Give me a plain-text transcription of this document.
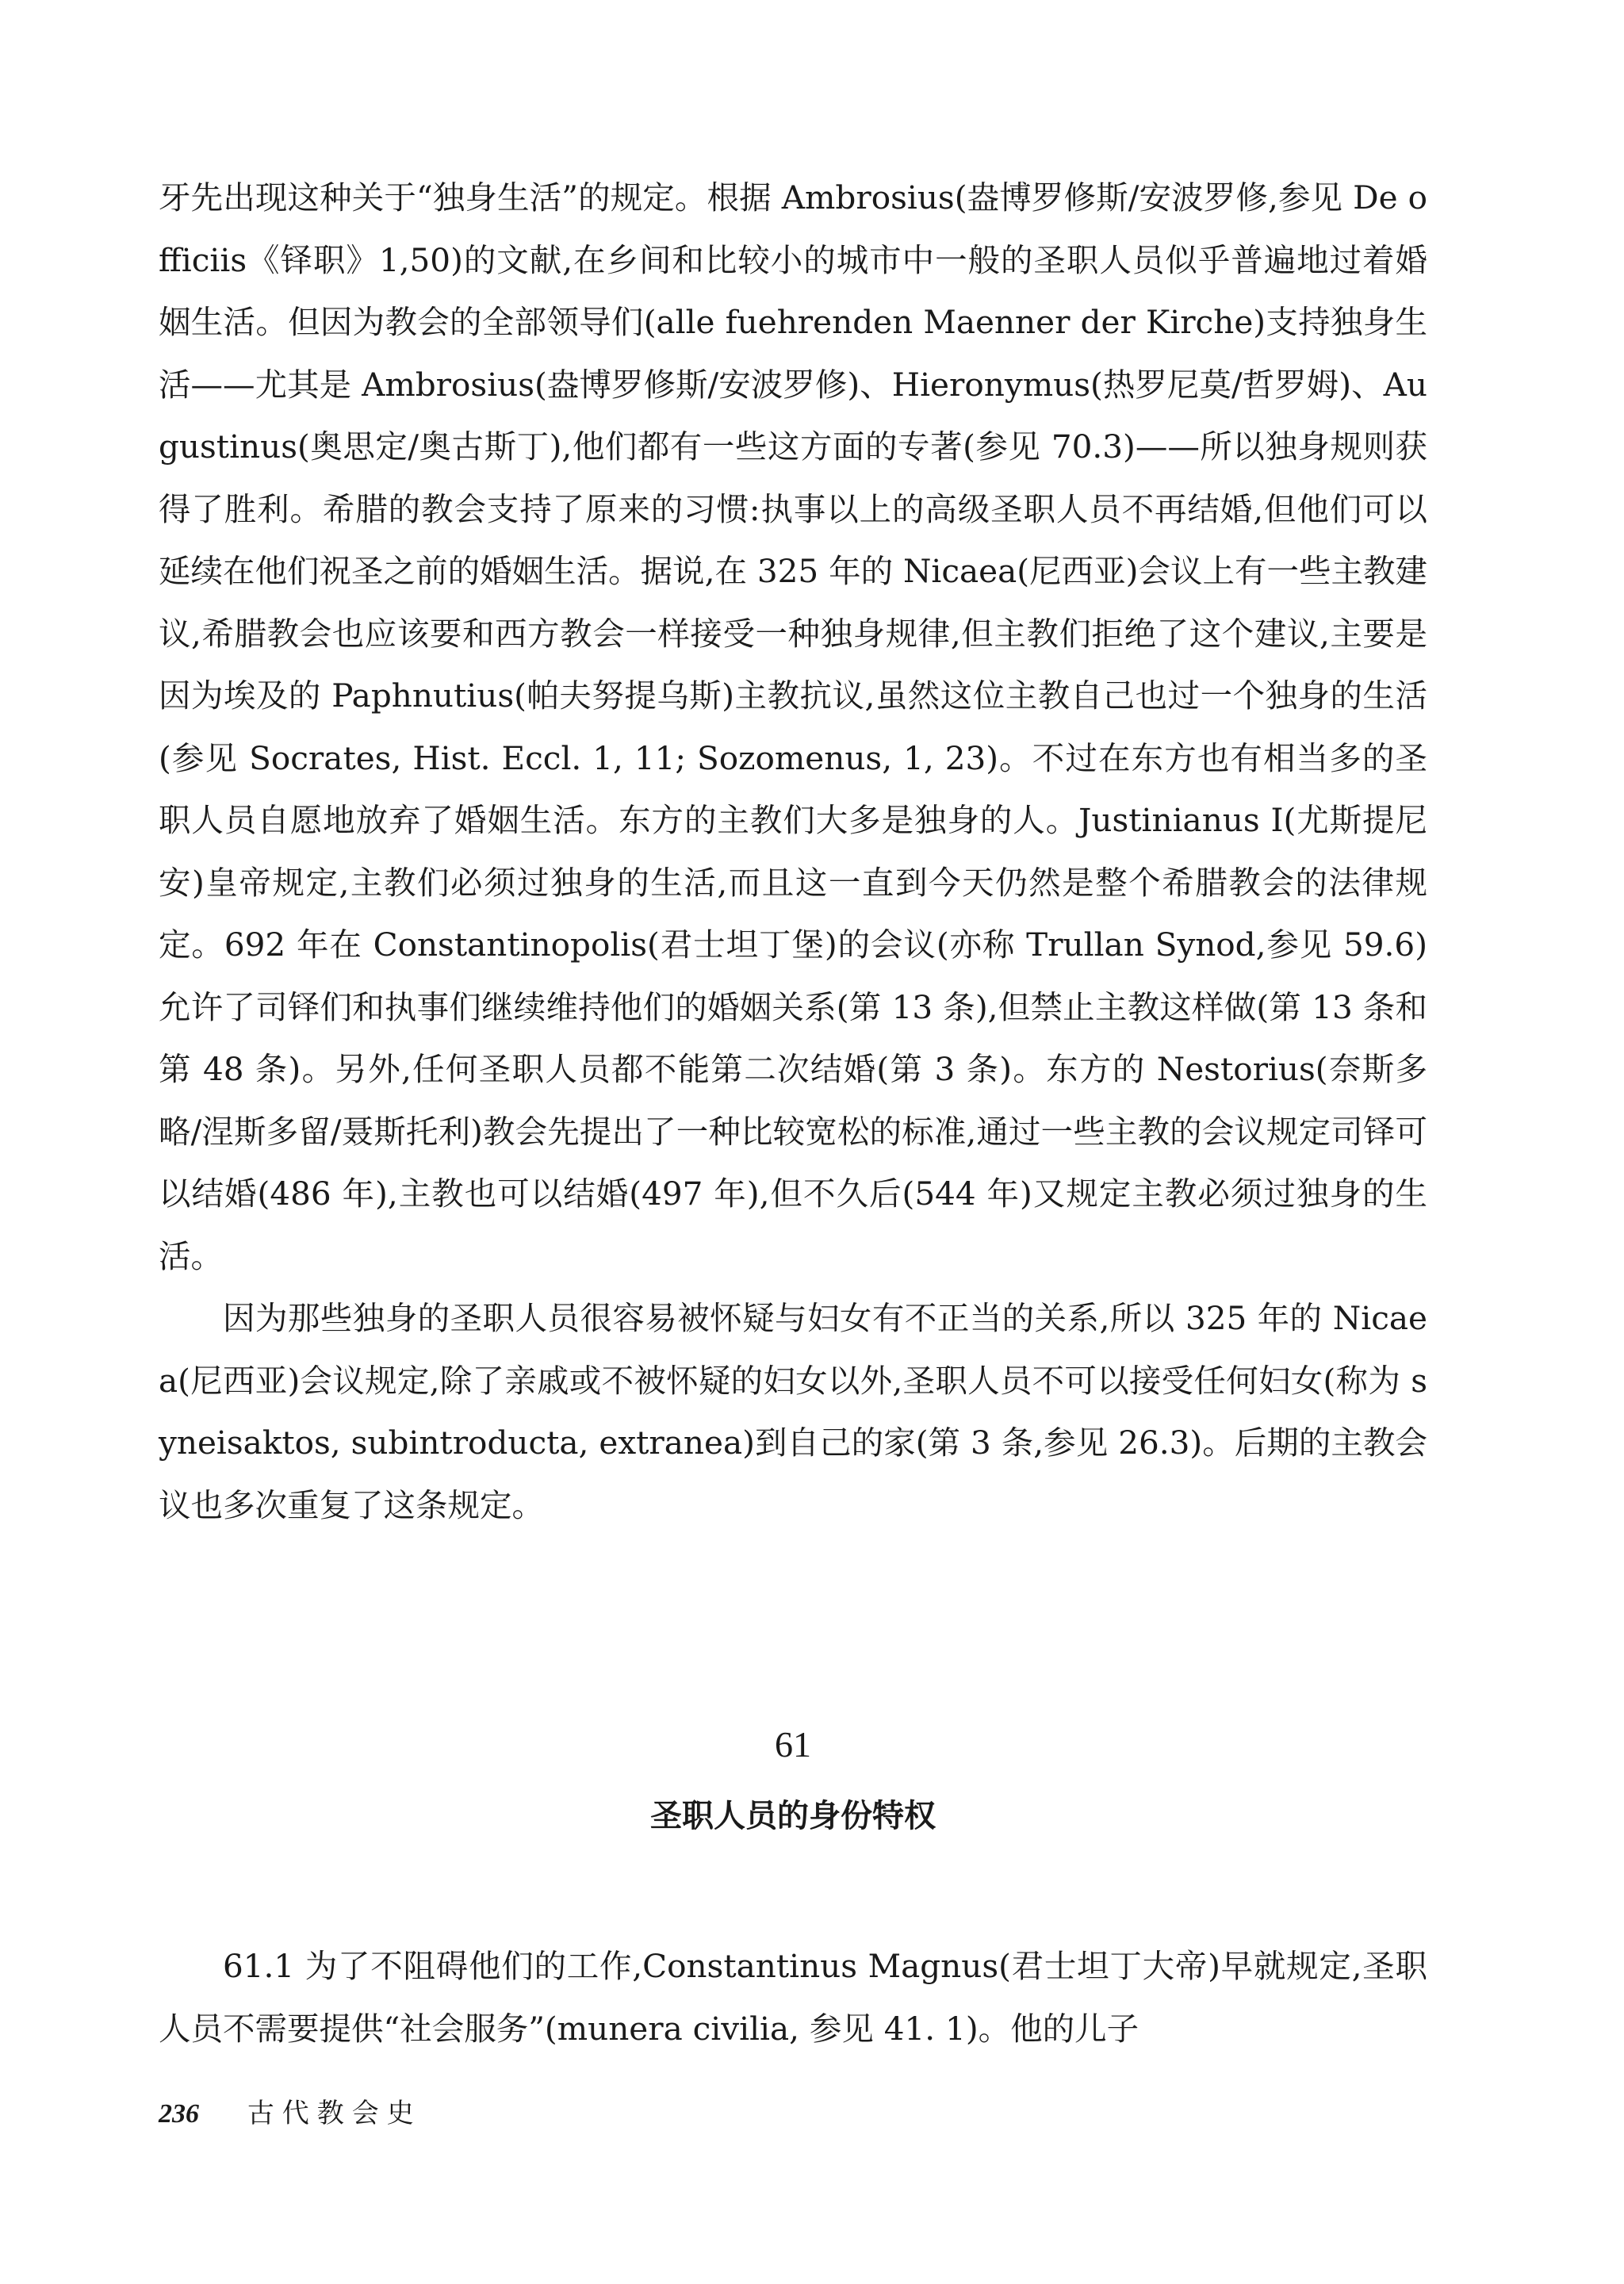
牙先出现这种关于“独身生活”的规定。根据 Ambrosius(盎博罗修斯/安波罗修,参见 De officiis《铎职》1,50)的文献,在乡间和比较小的城市中一般的圣职人员似乎普遍地过着婚姻生活。但因为教会的全部领导们(alle fuehrenden Maenner der Kirche)支持独身生活——尤其是 Ambrosius(盎博罗修斯/安波罗修)、Hieronymus(热罗尼莫/哲罗姆)、Augustinus(奥思定/奥古斯丁),他们都有一些这方面的专著(参见 70.3)——所以独身规则获得了胜利。希腊的教会支持了原来的习惯:执事以上的高级圣职人员不再结婚,但他们可以延续在他们祝圣之前的婚姻生活。据说,在 325 年的 Nicaea(尼西亚)会议上有一些主教建议,希腊教会也应该要和西方教会一样接受一种独身规律,但主教们拒绝了这个建议,主要是因为埃及的 Paphnutius(帕夫努提乌斯)主教抗议,虽然这位主教自己也过一个独身的生活(参见 Socrates, Hist. Eccl. 1, 11; Sozomenus, 1, 23)。不过在东方也有相当多的圣职人员自愿地放弃了婚姻生活。东方的主教们大多是独身的人。Justinianus I(尤斯提尼安)皇帝规定,主教们必须过独身的生活,而且这一直到今天仍然是整个希腊教会的法律规定。692 年在 Constantinopolis(君士坦丁堡)的会议(亦称 Trullan Synod,参见 59.6)允许了司铎们和执事们继续维持他们的婚姻关系(第 13 条),但禁止主教这样做(第 13 条和第 48 条)。另外,任何圣职人员都不能第二次结婚(第 3 条)。东方的 Nestorius(奈斯多略/涅斯多留/聂斯托利)教会先提出了一种比较宽松的标准,通过一些主教的会议规定司铎可以结婚(486 年),主教也可以结婚(497 年),但不久后(544 年)又规定主教必须过独身的生活。

因为那些独身的圣职人员很容易被怀疑与妇女有不正当的关系,所以 325 年的 Nicaea(尼西亚)会议规定,除了亲戚或不被怀疑的妇女以外,圣职人员不可以接受任何妇女(称为 syneisaktos, subintroducta, extranea)到自己的家(第 3 条,参见 26.3)。后期的主教会议也多次重复了这条规定。

61
圣职人员的身份特权

61.1 为了不阻碍他们的工作,Constantinus Magnus(君士坦丁大帝)早就规定,圣职人员不需要提供“社会服务”(munera civilia, 参见 41. 1)。他的儿子

236 古代教会史
